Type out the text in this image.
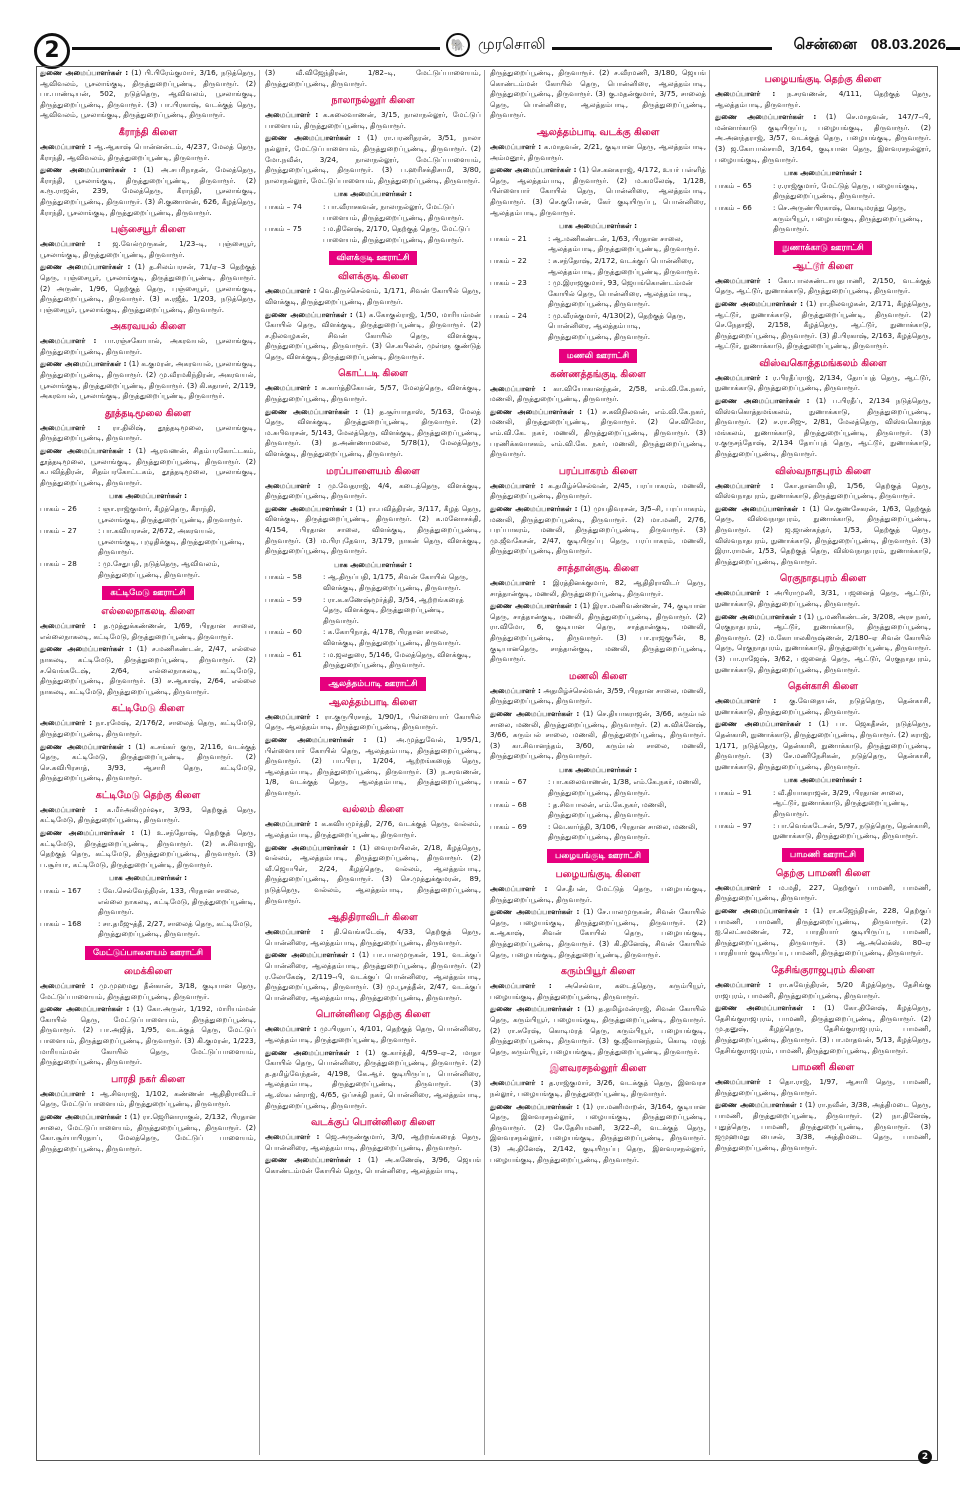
2	🐘 முரசொலி	சென்னை 08.03.2026
துணை அமைப்பாளர்கள் : (1) பி.பிரேம்குமார், 3/16, நடுத்தெரு, ஆவிவலம், பூசலாங்குடி, திருத்துறைப்பூண்டி, திருவாரூர். (2) பா.பாண்டியன், 502, நடுத்தெரு, ஆவிவலம், பூசலாங்குடி, திருத்துறைப்பூண்டி, திருவாரூர். (3) பா.பிரகாஷ், வடக்குத் தெரு, ஆவிவலம், பூசலாங்குடி, திருத்துறைப்பூண்டி, திருவாரூர்.
கீராந்தி கிளை
அமைப்பாளர் : ஆ.ஆகாஷ் பொன்னன்டம், 4/237, மேலத் தெரு, கீராந்தி, ஆவிவலம், திருத்துறைப்பூண்டி, திருவாரூர்.
துணை அமைப்பாளர்கள் : (1) அ.சபரிநாதன், மேலத்தெரு, கீராந்தி, பூசலாங்குடி, திருத்துறைப்பூண்டி, திருவாரூர். (2) க.ரூ.ராஜன், 239, மேலத்தெரு, கீராந்தி, பூசலாங்குடி, திருத்துறைப்பூண்டி, திருவாரூர். (3) சி.குணாளன், 626, கீழத்தெரு, கீராந்தி, பூசலாங்குடி, திருத்துறைப்பூண்டி, திருவாரூர்.
புஞ்சையூர் கிளை
அமைப்பாளர் : ஜ.வேல்முருகன், 1/23–டி, புஞ்சையூர், பூசலாங்குடி, திருத்துறைப்பூண்டி, திருவாரூர்.
துணை அமைப்பாளர்கள் : (1) த.சிலம்பரசன், 71/ஏ–3 தெற்குத் தெரு, புஞ்சையூர், பூசலாங்குடி, திருத்துறைப்பூண்டி, திருவாரூர். (2) அருண், 1/96, தெற்குத் தெரு, புஞ்சையூர், பூசலாங்குடி, திருத்துறைப்பூண்டி, திருவாரூர். (3) சு.ரஜீத், 1/203, நடுத்தெரு, புஞ்சையூர், பூசலாங்குடி, திருத்துறைப்பூண்டி, திருவாரூர்.
அகரவயல் கிளை
அமைப்பாளர் : பா.ரஞ்சகோபால், அகரவயல், பூசலாங்குடி, திருத்துறைப்பூண்டி, திருவாரூர்.
துணை அமைப்பாளர்கள் : (1) க.குமரன், அகரவயல், பூசலாங்குடி, திருத்துறைப்பூண்டி, திருவாரூர். (2) மு.வீரமகிந்திரன், அகரவயல், பூசலாங்குடி, திருத்துறைப்பூண்டி, திருவாரூர். (3) கி.கதாசர், 2/119, அகரவயல், பூசலாங்குடி, திருத்துறைப்பூண்டி, திருவாரூர்.
தூத்தடிமூலை கிளை
அமைப்பாளர் : ரா.திலிஷ், தூத்தடிமூலை, பூசலாங்குடி, திருத்துறைப்பூண்டி, திருவாரூர்.
துணை அமைப்பாளர்கள் : (1) ஆரவணன், சிதம்பரகோட்டகம், தூத்தடிமூலை, பூசலாங்குடி, திருத்துறைப்பூண்டி, திருவாரூர். (2) க.பவித்திரன், சிதம்பரகோட்டகம், தூத்தடிமூலை, பூசலாங்குடி, திருத்துறைப்பூண்டி, திருவாரூர்.
பாக அமைப்பாளர்கள் :
பாகம் – 26	: ஞா.ராஜ்குமார், கீழத்தெரு, கீராந்தி, பூசலாங்குடி, திருத்துறைப்பூண்டி, திருவாரூர்.
பாகம் – 27	: பா.கவியரசன், 2/672, அகரவயல், பூசலாங்குடி, புழுதிக்குடி, திருத்துறைப்பூண்டி, திருவாரூர்.
பாகம் – 28	: மு.சேதுபதி, நடுத்தெரு, ஆவிவலம், திருத்துறைப்பூண்டி, திருவாரூர்.
கட்டிமேடு ஊராட்சி
எல்லைநாகலடி கிளை
அமைப்பாளர் : த.முத்துக்கண்ணன், 1/69, பிரதான சாலை, எல்லைநாகலடி, கட்டிமேடு, திருத்துறைப்பூண்டி, திருவாரூர்.
துணை அமைப்பாளர்கள் : (1) ச.மணிகண்டன், 2/47, எல்லை நாகலடி, கட்டிமேடு, திருத்துறைப்பூண்டி, திருவாரூர். (2) ச.வெங்கடேஷ், 2/64, எல்லைநாகலடி, கட்டிமேடு, திருத்துறைப்பூண்டி, திருவாரூர். (3) ச.ஆகாஷ், 2/64, எல்லை நாகலடி, கட்டிமேடு, திருத்துறைப்பூண்டி, திருவாரூர்.
கட்டிமேடு கிளை
அமைப்பாளர் : நா.ரமேஷ், 2/176/2, சாலைத் தெரு, கட்டிமேடு, திருத்துறைப்பூண்டி, திருவாரூர்.
துணை அமைப்பாளர்கள் : (1) க.சங்கர் குரு, 2/116, வடக்குத் தெரு, கட்டிமேடு, திருத்துறைப்பூண்டி, திருவாரூர். (2) செ.கவிபிரசாத், 3/93, ஆசாரி தெரு, கட்டிமேடு, திருத்துறைப்பூண்டி, திருவாரூர்.
கட்டிமேடு தெற்கு கிளை
அமைப்பாளர் : க.மீர்அலிமுர்ஷா, 3/93, தெற்குத் தெரு, கட்டிமேடு, திருத்துறைப்பூண்டி, திருவாரூர்.
துணை அமைப்பாளர்கள் : (1) உ.சந்தோஷ், தெற்குத் தெரு, கட்டிமேடு, திருத்துறைப்பூண்டி, திருவாரூர். (2) சு.சிவராஜ், தெற்குத் தெரு, கட்டிமேடு, திருத்துறைப்பூண்டி, திருவாரூர். (3) ப.சூர்யா, கட்டிமேடு, திருத்துறைப்பூண்டி, திருவாரூர்.
பாக அமைப்பாளர்கள் :
பாகம் – 167	: வே.செல்வேந்திரன், 133, பிரதான சாலை, எல்லை நாகலடி, கட்டிமேடு, திருத்துறைப்பூண்டி, திருவாரூர்.
பாகம் – 168	: சா.தமீஜுத்தீ, 2/27, சாலைத் தெரு, கட்டிமேடு, திருத்துறைப்பூண்டி, திருவாரூர்.
மேட்டுப்பாளையம் ஊராட்சி
மைக்கிளை
அமைப்பாளர் : மு.முஹமது தீன்கான், 3/18, குடியான தெரு, மேட்டுப்பாளையம், திருத்துறைப்பூண்டி, திருவாரூர்.
துணை அமைப்பாளர்கள் : (1) கோ.அருள், 1/192, மாரியம்மன் கோயில் தெரு, மேட்டுப்பாளையம், திருத்துறைப்பூண்டி, திருவாரூர். (2) பா.அஜித், 1/95, வடக்குத் தெரு, மேட்டுப் பாளையம், திருத்துறைப்பூண்டி, திருவாரூர். (3) கி.குமரன், 1/223, மாரியம்மன் கோயில் தெரு, மேட்டுப்பாளையம், திருத்துறைப்பூண்டி, திருவாரூர்.
பாரதி நகர் கிளை
அமைப்பாளர் : ஆ.சிவராஜ், 1/102, கண்ணன் ஆதிதிராவிடர் தெரு, மேட்டுப்பாளையம், திருத்துறைப்பூண்டி, திருவாரூர்.
துணை அமைப்பாளர்கள் : (1) ரா.ஜெரினாராகுல், 2/132, பிரதான சாலை, மேட்டுப்பாளையம், திருத்துறைப்பூண்டி, திருவாரூர். (2) கோ.சூர்யாபிரதாப், மேலத்தெரு, மேட்டுப் பாளையம், திருத்துறைப்பூண்டி, திருவாரூர்.
(3) வீ.விஜேந்திரன், 1/82–டி, மேட்டுப்பாளையம், திருத்துறைப்பூண்டி, திருவாரூர்.
நாலாநல்லூர் கிளை
அமைப்பாளர் : க.கலைவாணன், 3/15, நாலாநல்லூர், மேட்டுப் பாளையம், திருத்துறைப்பூண்டி, திருவாரூர்.
துணை அமைப்பாளர்கள் : (1) ரா.பரணிதரன், 3/51, நாலா நல்லூர், மேட்டுப்பாளையம், திருத்துறைப்பூண்டி, திருவாரூர். (2) மோ.நவீன், 3/24, நாலாநல்லூர், மேட்டுப்பாளையம், திருத்துறைப்பூண்டி, திருவாரூர். (3) ப.ஹரிசக்திசாமி, 3/80, நாலாநல்லூர், மேட்டுப்பாளையம், திருத்துறைப்பூண்டி, திருவாரூர்.
பாக அமைப்பாளர்கள் :
பாகம் – 74	: பா.வீராசகவன், நாலாநல்லூர், மேட்டுப் பாளையம், திருத்துறைப்பூண்டி, திருவாரூர்.
பாகம் – 75	: ம.தினேஷ், 2/170, தெற்குத் தெரு, மேட்டுப் பாளையம், திருத்துறைப்பூண்டி, திருவாரூர்.
விளக்குடி ஊராட்சி
விளக்குடி கிளை
அமைப்பாளர் : வெ.திருச்செல்வம், 1/171, சிவன் கோயில் தெரு, விளக்குடி, திருத்துறைப்பூண்டி, திருவாரூர்.
துணை அமைப்பாளர்கள் : (1) க.கோகுல்ராஜ், 1/50, மாரியம்மன் கோயில் தெரு, விளக்குடி, திருத்துறைப்பூண்டி, திருவாரூர். (2) ச.நிலவழகன், சிவன் கோயில் தெரு, விளக்குடி, திருத்துறைப்பூண்டி, திருவாரூர். (3) செ.கபிலன், முள்ளு குண்டுத் தெரு, விளக்குடி, திருத்துறைப்பூண்டி, திருவாரூர்.
கொட்டடி கிளை
அமைப்பாளர் : சு.கார்த்திகேயன், 5/57, மேலத்தெரு, விளக்குடி, திருத்துறைப்பூண்டி, திருவாரூர்.
துணை அமைப்பாளர்கள் : (1) த.சூர்யாதாஸ், 5/163, மேலத் தெரு, விளக்குடி, திருத்துறைப்பூண்டி, திருவாரூர். (2) ம.சுபிவரசன், 5/143, மேலத்தெரு, விளக்குடி, திருத்துறைப்பூண்டி, திருவாரூர். (3) த.அண்ணாமலை, 5/78(1), மேலத்தெரு, விளக்குடி, திருத்துறைப்பூண்டி, திருவாரூர்.
மரப்பாளையம் கிளை
அமைப்பாளர் : மு.வேதராஜ், 4/4, கடைத்தெரு, விளக்குடி, திருத்துறைப்பூண்டி, திருவாரூர்.
துணை அமைப்பாளர்கள் : (1) ரா.பவித்திரன், 3/117, கீழத் தெரு, விளக்குடி, திருத்துறைப்பூண்டி, திருவாரூர். (2) க.மனோசக்தி, 4/154, பிரதான சாலை, விளக்குடி, திருத்துறைப்பூண்டி, திருவாரூர். (3) ம.பிரபுதேவா, 3/179, நாகன் தெரு, விளக்குடி, திருத்துறைப்பூண்டி, திருவாரூர்.
பாக அமைப்பாளர்கள் :
பாகம் – 58	: ஆ.திருப்பதி, 1/175, சிவன் கோயில் தெரு, விளக்குடி, திருத்துறைப்பூண்டி, திருவாரூர்.
பாகம் – 59	: ரா.க.கணேஷ்மூர்த்தி, 3/54, ஆற்றங்கரைத் தெரு, விளக்குடி, திருத்துறைப்பூண்டி, திருவாரூர்.
பாகம் – 60	: க.கோபிநாத், 4/178, பிரதான சாலை, விளக்குடி, திருத்துறைப்பூண்டி, திருவாரூர்.
பாகம் – 61	: ம.ஜலதுரை, 5/146, மேலத்தெரு, விளக்குடி, திருத்துறைப்பூண்டி, திருவாரூர்.
ஆலத்தம்பாடி ஊராட்சி
ஆலத்தம்பாடி கிளை
அமைப்பாளர் : ரா.குருபிரசாத், 1/90/1, பிள்ளையார் கோயில் தெரு, ஆலத்தம்பாடி, திருத்துறைப்பூண்டி, திருவாரூர்.
துணை அமைப்பாளர்கள் : (1) அ.முத்துவேல், 1/95/1, பிள்ளையார் கோயில் தெரு, ஆலத்தம்பாடி, திருத்துறைப்பூண்டி, திருவாரூர். (2) பா.பிரபு, 1/204, ஆற்றங்கரைத் தெரு, ஆலத்தம்பாடி, திருத்துறைப்பூண்டி, திருவாரூர். (3) ந.சரவணன், 1/8, வடக்குத் தெரு, ஆலத்தம்பாடி, திருத்துறைப்பூண்டி, திருவாரூர்.
வல்லம் கிளை
அமைப்பாளர் : க.கவியமுர்த்தி, 2/76, வடக்குத் தெரு, வல்லம், ஆலத்தம்பாடி, திருத்துறைப்பூண்டி, திருவாரூர்.
துணை அமைப்பாளர்கள் : (1) வைரமயிலன், 2/18, கீழத்தெரு, வல்லம், ஆலத்தம்பாடி, திருத்துறைப்பூண்டி, திருவாரூர். (2) வீ.ஜெயபிள், 2/24, கீழத்தெரு, வல்லம், ஆலத்தம்பாடி, திருத்துறைப்பூண்டி, திருவாரூர். (3) செ.முத்துக்குமரன், 89, நடுத்தெரு, வல்லம், ஆலத்தம்பாடி, திருத்துறைப்பூண்டி, திருவாரூர்.
ஆதிதிராவிடர் கிளை
அமைப்பாளர் : தி.வெங்கடேஷ், 4/33, தெற்குத் தெரு, பொன்னிரை, ஆலத்தம்பாடி, திருத்துறைப்பூண்டி, திருவாரூர்.
துணை அமைப்பாளர்கள் : (1) பா.பாலமுருகன், 191, வடக்குப் பொன்னிரை, ஆலத்தம்பாடி, திருத்துறைப்பூண்டி, திருவாரூர். (2) ர.லோகேஷ், 2/119–பி, வடக்குப் பொன்னிரை, ஆலத்தம்பாடி, திருத்துறைப்பூண்டி, திருவாரூர். (3) மு.பூசத்தீன், 2/47, வடக்குப் பொன்னிரை, ஆலத்தம்பாடி, திருத்துறைப்பூண்டி, திருவாரூர்.
பொன்னிரை தெற்கு கிளை
அமைப்பாளர் : மு.பிரதாப், 4/101, தெற்குத் தெரு, பொன்னிரை, ஆலத்தம்பாடி, திருத்துறைப்பூண்டி, திருவாரூர்.
துணை அமைப்பாளர்கள் : (1) கு.கார்த்தி, 4/59–ஏ–2, மாதா கோயில் தெரு, பொன்னிரை, திருத்துறைப்பூண்டி, திருவாரூர். (2) த.தமிழ்வேந்தன், 4/198, கே.ஆர். குடியிருப்பு, பொன்னிரை, ஆலத்தம்பாடி, திருத்துறைப்பூண்டி, திருவாரூர். (3) ஆ.ஸ்டீபன்ராஜ், 4/65, ஒப்சக்தி நகர், பொன்னிரை, ஆலத்தம்பாடி, திருத்துறைப்பூண்டி, திருவாரூர்.
வடக்குப் பொன்னிரை கிளை
அமைப்பாளர் : ஜெ.அருண்குமார், 3/0, ஆற்றங்கரைத் தெரு, பொன்னிரை, ஆலத்தம்பாடி, திருத்துறைப்பூண்டி, திருவாரூர்.
துணை அமைப்பாளர்கள் : (1) அ.கணேஷ், 3/96, ஜெயங் கொண்டம்மன் கோயில் தெரு, பொன்னிரை, ஆலத்தம்பாடி,
திருத்துறைப்பூண்டி, திருவாரூர். (2) ச.வீரமணி, 3/180, ஜெயங் கொண்டம்மன் கோயில் தெரு, பொன்னிரை, ஆலத்தம்பாடி, திருத்துறைப்பூண்டி, திருவாரூர். (3) கு.மதன்குமார், 3/75, சாலைத் தெரு, பொன்னிரை, ஆலத்தம்பாடி, திருத்துறைப்பூண்டி, திருவாரூர்.
ஆலத்தம்பாடி வடக்கு கிளை
அமைப்பாளர் : க.மாதவன், 2/21, குடியான தெரு, ஆலத்தம்பாடி, அம்மனூர், திருவாரூர்.
துணை அமைப்பாளர்கள் : (1) செ.கனகராஜ், 4/172, உயர் பள்ளித் தெரு, ஆலத்தம்பாடி, திருவாரூர். (2) ம.கமலேஷ், 1/128, பிள்ளையார் கோயில் தெரு, பொன்னிரை, ஆலத்தம்பாடி, திருவாரூர். (3) செ.குபேசன், கேர் குடியிருப்பு, பொன்னிரை, ஆலத்தம்பாடி, திருவாரூர்.
பாக அமைப்பாளர்கள் :
பாகம் – 21	: ஆ.மணிகண்டன், 1/63, பிரதான சாலை, ஆலத்தம்பாடி, திருத்துறைப்பூண்டி, திருவாரூர்.
பாகம் – 22	: சு.சந்தோஷ், 2/172, வடக்குப் பொன்னிரை, ஆலத்தம்பாடி, திருத்துறைப்பூண்டி, திருவாரூர்.
பாகம் – 23	: மு.இராஜகுமார், 93, ஜெயங்கொண்டம்மன் கோயில் தெரு, பொன்னிரை, ஆலத்தம்பாடி, திருத்துறைப்பூண்டி, திருவாரூர்.
பாகம் – 24	: மு.வீரக்குமார், 4/130(2), தெற்குத் தெரு, பொன்னிரை, ஆலத்தம்பாடி, திருத்துறைப்பூண்டி, திருவாரூர்.
மணலி ஊராட்சி
கண்ணத்தங்குடி கிளை
அமைப்பாளர் : கா.வியோகானந்தன், 2/58, எம்.வி.கே.நகர், மணலி, திருத்துறைப்பூண்டி, திருவாரூர்.
துணை அமைப்பாளர்கள் : (1) ச.கவிநிலவன், எம்.வி.கே.நகர், மணலி, திருத்துறைப்பூண்டி, திருவாரூர். (2) செ.விமோ, எம்.வி.கே. நகர், மணலி, திருத்துறைப்பூண்டி, திருவாரூர். (3) பரணிக்கவாசகம், எம்.வி.கே. நகர், மணலி, திருத்துறைப்பூண்டி, திருவாரூர்.
பரப்பாகரம் கிளை
அமைப்பாளர் : க.தமிழ்ச்செல்வன், 2/45, பரப்பாகரம், மணலி, திருத்துறைப்பூண்டி, திருவாரூர்.
துணை அமைப்பாளர்கள் : (1) முயதிவரசன், 3/5–சி, பரப்பாகரம், மணலி, திருத்துறைப்பூண்டி, திருவாரூர். (2) மா.மணி, 2/76, பரப்பாகரம், மணலி, திருத்துறைப்பூண்டி, திருவாரூர். (3) மு.ஜீவகேசன், 2/47, குடியிருப்பு தெரு, பரப்பாகரம், மணலி, திருத்துறைப்பூண்டி, திருவாரூர்.
சாத்தான்குடி கிளை
அமைப்பாளர் : இரத்தினக்குமார், 82, ஆதிதிராவிடர் தெரு, சாத்தான்குடி, மணலி, திருத்துறைப்பூண்டி, திருவாரூர்.
துணை அமைப்பாளர்கள் : (1) இரா.மணிவண்ணன், 74, குடியான தெரு, சாத்தான்குடி, மணலி, திருத்துறைப்பூண்டி, திருவாரூர். (2) ரா.விமோ, 6, குடியான தெரு, சாத்தான்குடி, மணலி, திருத்துறைப்பூண்டி, திருவாரூர். (3) பா.ராஜகுபீன், 8, குடியானதெரு, சாத்தான்குடி, மணலி, திருத்துறைப்பூண்டி, திருவாரூர்.
மணலி கிளை
அமைப்பாளர் : அதமிழ்ச்செல்வன், 3/59, பிரதான சாலை, மணலி, திருத்துறைப்பூண்டி, திருவாரூர்.
துணை அமைப்பாளர்கள் : (1) செ.தியாகராஜன், 3/66, கரும்பல் சாலை, மணலி, திருத்துறைப்பூண்டி, திருவாரூர். (2) க.விக்னேஷ், 3/66, கரும்பல் சாலை, மணலி, திருத்துறைப்பூண்டி, திருவாரூர். (3) கா.சிவானந்தம், 3/60, கரும்பல் சாலை, மணலி, திருத்துறைப்பூண்டி, திருவாரூர்.
பாக அமைப்பாளர்கள் :
பாகம் – 67	: பா.கலைவாணன், 1/38, எம்.கே.நகர், மணலி, திருத்துறைப்பூண்டி, திருவாரூர்.
பாகம் – 68	: த.சிவபாலன், எம்.கே.நகர், மணலி, திருத்துறைப்பூண்டி, திருவாரூர்.
பாகம் – 69	: வெ.கார்த்தி, 3/106, பிரதான சாலை, மணலி, திருத்துறைப்பூண்டி, திருவாரூர்.
பழையங்குடி ஊராட்சி
பழையங்குடி கிளை
அமைப்பாளர் : செ.தீபன், மேட்டுத் தெரு, பழையங்குடி, திருத்துறைப்பூண்டி, திருவாரூர்.
துணை அமைப்பாளர்கள் : (1) சே.பாலமுருகன், சிவன் கோயில் தெரு, பழையங்குடி, திருத்துறைப்பூண்டி, திருவாரூர். (2) க.ஆகாஷ், சிவன் கோயில் தெரு, பழையங்குடி, திருத்துறைப்பூண்டி, திருவாரூர். (3) கி.தினேஷ், சிவன் கோயில் தெரு, பழையங்குடி, திருத்துறைப்பூண்டி, திருவாரூர்.
கரும்பியூர் கிளை
அமைப்பாளர் : அசெல்வா, கடைத்தெரு, கரும்பியூர், பழையங்குடி, திருத்துறைப்பூண்டி, திருவாரூர்.
துணை அமைப்பாளர்கள் : (1) த.தமிழ்மன்ராஜ், சிவன் கோயில் தெரு, கரும்பியூர், பழையங்குடி, திருத்துறைப்பூண்டி, திருவாரூர். (2) ரா.சுரேஷ், கொடிமரத் தெரு, கரும்பியூர், பழையங்குடி, திருத்துறைப்பூண்டி, திருவாரூர். (3) கு.ஜீவானந்தம், கொடி மரத் தெரு, கரும்பியூர், பழையங்குடி, திருத்துறைப்பூண்டி, திருவாரூர்.
இளவரசநல்லூர் கிளை
அமைப்பாளர் : த.ராஜ்குமார், 3/26, வடக்குத் தெரு, இளவரச நல்லூர், பழையங்குடி, திருத்துறைப்பூண்டி, திருவாரூர்.
துணை அமைப்பாளர்கள் : (1) ரா.மணிமாறன், 3/164, குடியான தெரு, இளவரசநல்லூர், பழையங்குடி, திருத்துறைப்பூண்டி, திருவாரூர். (2) சே.தேசியமணி, 3/22–சி, வடக்குத் தெரு, இளவரசநல்லூர், பழையங்குடி, திருத்துறைப்பூண்டி, திருவாரூர். (3) அ.தினேஷ், 2/142, குடியிருப்பு தெரு, இளவரசநல்லூர், பழையங்குடி, திருத்துறைப்பூண்டி, திருவாரூர்.
பழையங்குடி தெற்கு கிளை
அமைப்பாளர் : ந.சரவணன், 4/111, தெற்குத் தெரு, ஆலத்தம்பாடி, திருவாரூர்.
துணை அமைப்பாளர்கள் : (1) செ.மாதவன், 147/7–பி, மன்னார்காடு குடியிருப்பு, பழையங்குடி, திருவாரூர். (2) அ.அனந்தராஜ், 3/57, வடக்குத் தெரு, பழையங்குடி, திருவாரூர். (3) ஜ.கோபால்சாமி, 3/164, குடியான தெரு, இளவரசநல்லூர், பழையங்குடி, திருவாரூர்.
பாக அமைப்பாளர்கள் :
பாகம் – 65	: ர.ராஜ்குமார், மேட்டுத் தெரு, பழையங்குடி, திருத்துறைப்பூண்டி, திருவாரூர்.
பாகம் – 66	: செ.அருண்பிரகாஷ், கொடிமரத்து தெரு, கரும்பியூர், பழையங்குடி, திருத்துறைப்பூண்டி, திருவாரூர்.
நுணாக்காடு ஊராட்சி
ஆட்டூர் கிளை
அமைப்பாளர் : கோ.பாலசுண்டாயுதபாணி, 2/150, வடக்குத் தெரு, ஆட்டூர், நுணாக்காடு, திருத்துறைப்பூண்டி, திருவாரூர்.
துணை அமைப்பாளர்கள் : (1) ரா.நிலவழகன், 2/171, கீழத்தெரு, ஆட்டூர், நுணாக்காடு, திருத்துறைப்பூண்டி, திருவாரூர். (2) செ.நேதாஜி, 2/158, கீழத்தெரு, ஆட்டூர், நுணாக்காடு, திருத்துறைப்பூண்டி, திருவாரூர். (3) தி.பிரகாஷ், 2/163, கீழத்தெரு, ஆட்டூர், நுணாக்காடு, திருத்துறைப்பூண்டி, திருவாரூர்.
விஸ்வகொத்தமங்கலம் கிளை
அமைப்பாளர் : ர.பிரதீப்ராஜ், 2/134, தோப்புத் தெரு, ஆட்டூர், நுணாக்காடு, திருத்துறைப்பூண்டி, திருவாரூர்.
துணை அமைப்பாளர்கள் : (1) ப.பிரதீப், 2/134 நடுத்தெரு, விஸ்வகொத்தமங்கலம், நுணாக்காடு, திருத்துறைப்பூண்டி, திருவாரூர். (2) ச.ரா.சிஜு, 2/81, மேலத்தெரு, விஸ்வகொத்த மங்கலம், நுணாக்காடு, திருத்துறைப்பூண்டி, திருவாரூர். (3) ர.குருசந்தோஷ், 2/134 தோப்புத் தெரு, ஆட்டூர், நுணாக்காடு, திருத்துறைப்பூண்டி, திருவாரூர்.
விஸ்வநாதபுரம் கிளை
அமைப்பாளர் : கோ.தானமியதி, 1/56, தெற்குத் தெரு, விஸ்வநாதபுரம், நுணாக்காடு, திருத்துறைப்பூண்டி, திருவாரூர்.
துணை அமைப்பாளர்கள் : (1) செ.குணசேகரன், 1/63, தெற்குத் தெரு, விஸ்வநாதபுரம், நுணாக்காடு, திருத்துறைப்பூண்டி, திருவாரூர். (2) ஜ.ஜாண்கந்தர், 1/53, தெற்குத் தெரு, விஸ்வநாதபுரம், நுணாக்காடு, திருத்துறைப்பூண்டி, திருவாரூர். (3) இரா.ராமன், 1/53, தெற்குத் தெரு, விஸ்வநாதபுரம், நுணாக்காடு, திருத்துறைப்பூண்டி, திருவாரூர்.
ரெகுநாதபுரம் கிளை
அமைப்பாளர் : அபிராமுனி, 3/31, பஜனைத் தெரு, ஆட்டூர், நுணாக்காடு, திருத்துறைப்பூண்டி, திருவாரூர்.
துணை அமைப்பாளர்கள் : (1) பூ.மணிகண்டன், 3/208, அரச நகர், ரெகுநாதபுரம், ஆட்டூர், நுணாக்காடு, திருத்துறைப்பூண்டி, திருவாரூர். (2) ம.கோபாலகிருஷ்ணன், 2/180–ஏ சிவன் கோயில் தெரு, ரெகுநாதபுரம், நுணாக்காடு, திருத்துறைப்பூண்டி, திருவாரூர். (3) பா.ராஜேஷ், 3/62, பஜனைத் தெரு, ஆட்டூர், ரெகுநாதபுரம், நுணாக்காடு, திருத்துறைப்பூண்டி, திருவாரூர்.
தென்காசி கிளை
அமைப்பாளர் : கு.வேதையன், நடுத்தெரு, தென்காசி, நுணாக்காடு, திருத்துறைப்பூண்டி, திருவாரூர்.
துணை அமைப்பாளர்கள் : (1) பா. ஜெகதீசன், நடுத்தெரு, தென்காசி, நுணாக்காடு, திருத்துறைப்பூண்டி, திருவாரூர். (2) கராஜ், 1/171, நடுத்தெரு, தென்காசி, நுணாக்காடு, திருத்துறைப்பூண்டி, திருவாரூர். (3) சே.மணிநேசிகன், நடுத்தெரு, தென்காசி, நுணாக்காடு, திருத்துறைப்பூண்டி, திருவாரூர்.
பாக அமைப்பாளர்கள் :
பாகம் – 91	: வீ.தியாகராஜன், 3/29, பிரதான சாலை, ஆட்டூர், நுணாக்காடு, திருத்துறைப்பூண்டி, திருவாரூர்.
பாகம் – 97	: பா.வெங்கடேசன், 5/97, நடுத்தெரு, தென்காசி, நுணாக்காடு, திருத்துறைப்பூண்டி, திருவாரூர்.
பாமணி ஊராட்சி
தெற்கு பாமணி கிளை
அமைப்பாளர் : ம.மதி, 227, தெற்குப் பாமணி, பாமணி, திருத்துறைப்பூண்டி, திருவாரூர்.
துணை அமைப்பாளர்கள் : (1) ரா.கஜேந்திரன், 228, தெற்குப் பாமணி, பாமணி, திருத்துறைப்பூண்டி, திருவாரூர். (2) ஐ.லெட்சுமணன், 72, பாரதியார் குடியிருப்பு, பாமணி, திருத்துறைப்பூண்டி, திருவாரூர். (3) ஆ.அலெக்ஸ், 80–ஏ பாரதியார் குடியிருப்பு, பாமணி, திருத்துறைப்பூண்டி, திருவாரூர்.
தேசிங்குராஜபுரம் கிளை
அமைப்பாளர் : ரா.சுவேந்திரன், 5/20 கீழத்தெரு, தேசிங்கு ராஜபுரம், பாமணி, திருத்துறைப்பூண்டி, திருவாரூர்.
துணை அமைப்பாளர்கள் : (1) கோ.தினேஷ், கீழத்தெரு, தேசிங்குராஜபுரம், பாமணி, திருத்துறைப்பூண்டி, திருவாரூர். (2) மு.தனுஷ், கீழத்தெரு, தேசிங்குராஜபுரம், பாமணி, திருத்துறைப்பூண்டி, திருவாரூர். (3) பா.மாதவன், 5/13, கீழத்தெரு, தேசிங்குராஜபுரம், பாமணி, திருத்துறைப்பூண்டி, திருவாரூர்.
பாமணி கிளை
அமைப்பாளர் : தொ.ராஜ், 1/97, ஆசாரி தெரு, பாமணி, திருத்துறைப்பூண்டி, திருவாரூர்.
துணை அமைப்பாளர்கள் : (1) ரா.நவீன், 3/38, அத்திமடை தெரு, பாமணி, திருத்துறைப்பூண்டி, திருவாரூர். (2) நா.தினேஷ், புதுத்தெரு, பாமணி, திருத்துறைப்பூண்டி, திருவாரூர். (3) ஜமுஹமது பைசல், 3/38, அத்திமடை தெரு, பாமணி, திருத்துறைப்பூண்டி, திருவாரூர்.
2
